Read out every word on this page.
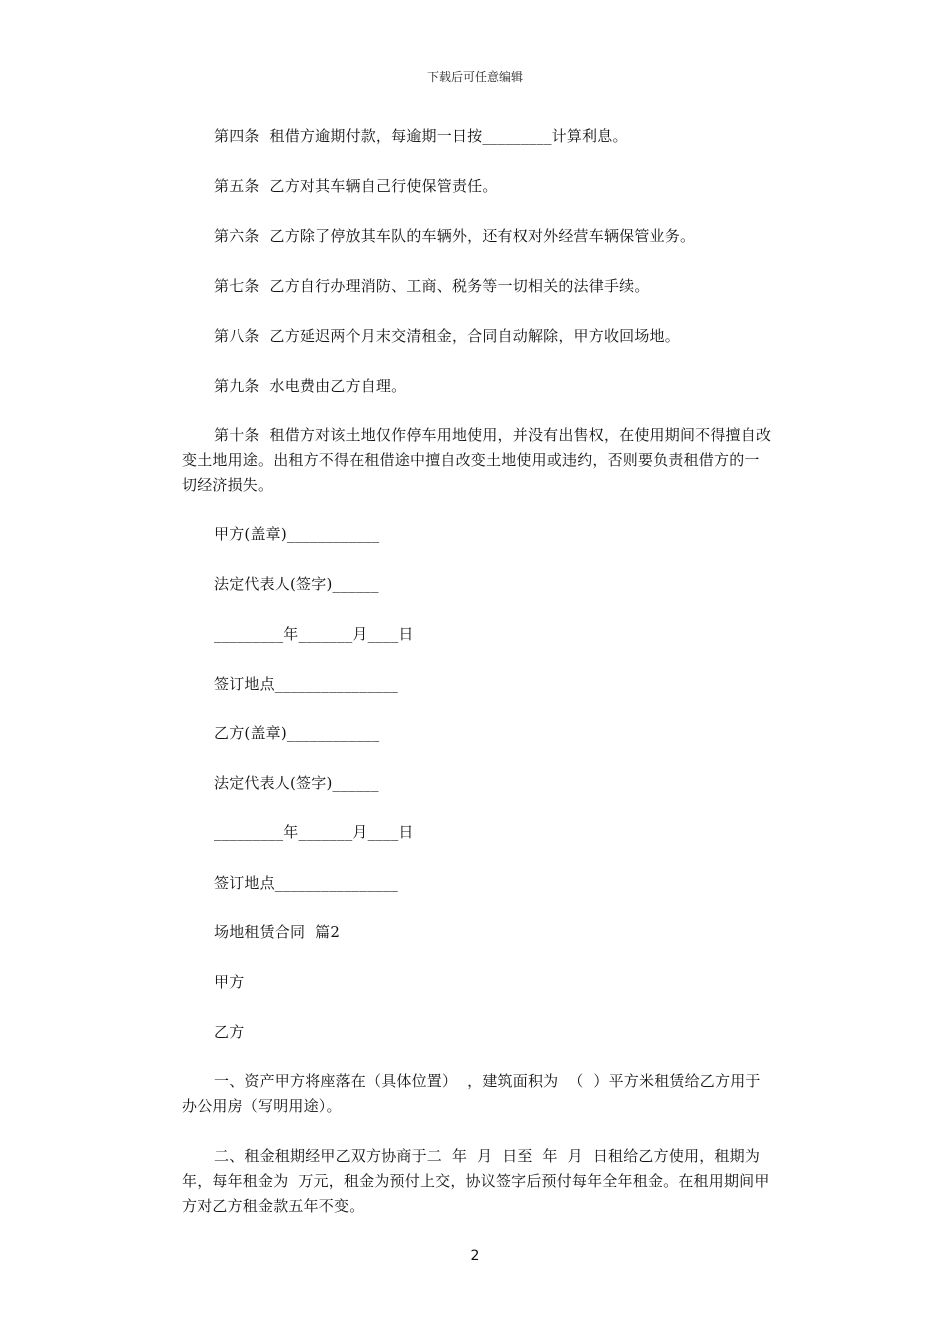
下载后可任意编辑

第四条  租借方逾期付款，每逾期一日按_________计算利息。

第五条  乙方对其车辆自己行使保管责任。

第六条  乙方除了停放其车队的车辆外，还有权对外经营车辆保管业务。

第七条  乙方自行办理消防、工商、税务等一切相关的法律手续。

第八条  乙方延迟两个月末交清租金，合同自动解除，甲方收回场地。

第九条  水电费由乙方自理。

第十条  租借方对该土地仅作停车用地使用，并没有出售权，在使用期间不得擅自改变土地用途。出租方不得在租借途中擅自改变土地使用或违约，否则要负责租借方的一切经济损失。

甲方(盖章)____________

法定代表人(签字)______

_________年_______月____日

签订地点________________

乙方(盖章)____________

法定代表人(签字)______

_________年_______月____日

签订地点________________

场地租赁合同  篇2

甲方

乙方

一、资产甲方将座落在（具体位置）  ，建筑面积为  （  ）平方米租赁给乙方用于办公用房（写明用途）。

二、租金租期经甲乙双方协商于二  年  月  日至  年  月  日租给乙方使用，租期为  年，每年租金为  万元，租金为预付上交，协议签字后预付每年全年租金。在租用期间甲方对乙方租金款五年不变。

2
